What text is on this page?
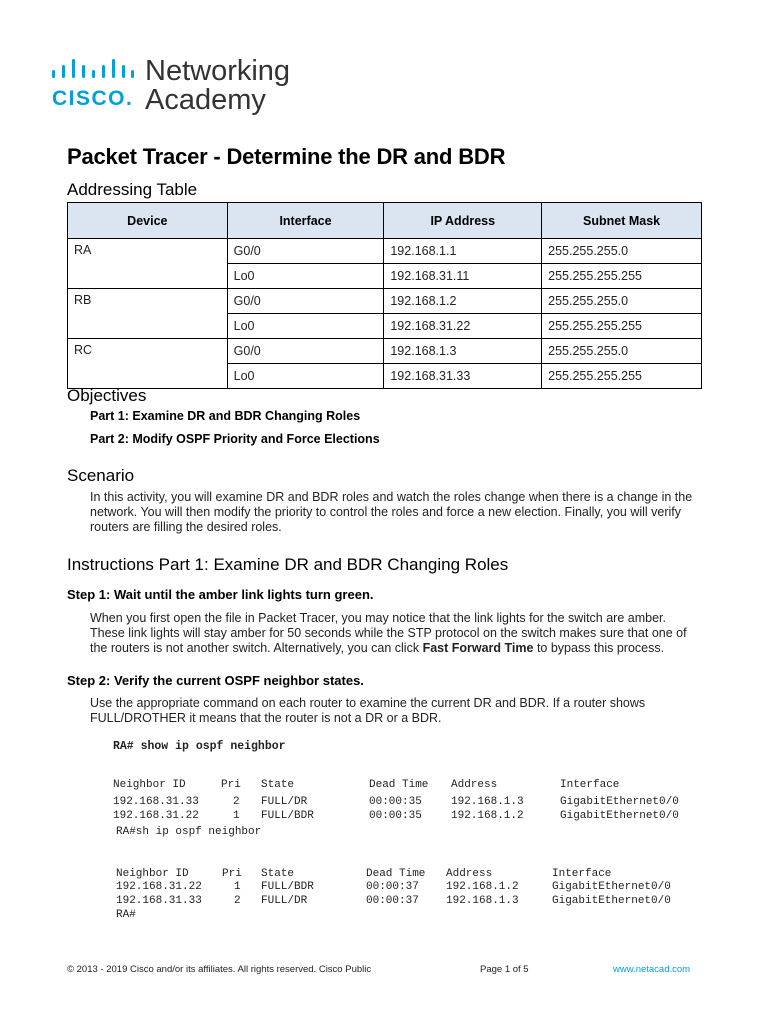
CISCO.
Networking
Academy
Packet Tracer - Determine the DR and BDR
Addressing Table
Device	Interface	IP Address	Subnet Mask
RA	G0/0	192.168.1.1	255.255.255.0
	Lo0	192.168.31.11	255.255.255.255
RB	G0/0	192.168.1.2	255.255.255.0
	Lo0	192.168.31.22	255.255.255.255
RC	G0/0	192.168.1.3	255.255.255.0
	Lo0	192.168.31.33	255.255.255.255
Objectives
Part 1: Examine DR and BDR Changing Roles
Part 2: Modify OSPF Priority and Force Elections
Scenario
In this activity, you will examine DR and BDR roles and watch the roles change when there is a change in the network. You will then modify the priority to control the roles and force a new election. Finally, you will verify routers are filling the desired roles.
Instructions Part 1: Examine DR and BDR Changing Roles
Step 1: Wait until the amber link lights turn green.
When you first open the file in Packet Tracer, you may notice that the link lights for the switch are amber. These link lights will stay amber for 50 seconds while the STP protocol on the switch makes sure that one of the routers is not another switch. Alternatively, you can click Fast Forward Time to bypass this process.
Step 2: Verify the current OSPF neighbor states.
Use the appropriate command on each router to examine the current DR and BDR. If a router shows FULL/DROTHER it means that the router is not a DR or a BDR.
RA# show ip ospf neighbor
Neighbor ID	Pri State	Dead Time Address	Interface
192.168.31.33	2 FULL/DR	00:00:35	192.168.1.3	GigabitEthernet0/0
192.168.31.22	1 FULL/BDR	00:00:35	192.168.1.2	GigabitEthernet0/0
RA#sh ip ospf neighbor
Neighbor ID	Pri State	Dead Time Address	Interface
192.168.31.22	1 FULL/BDR	00:00:37 192.168.1.2	GigabitEthernet0/0
192.168.31.33	2 FULL/DR	00:00:37 192.168.1.3	GigabitEthernet0/0
RA#
© 2013 - 2019 Cisco and/or its affiliates. All rights reserved. Cisco Public	Page 1 of 5	www.netacad.com
